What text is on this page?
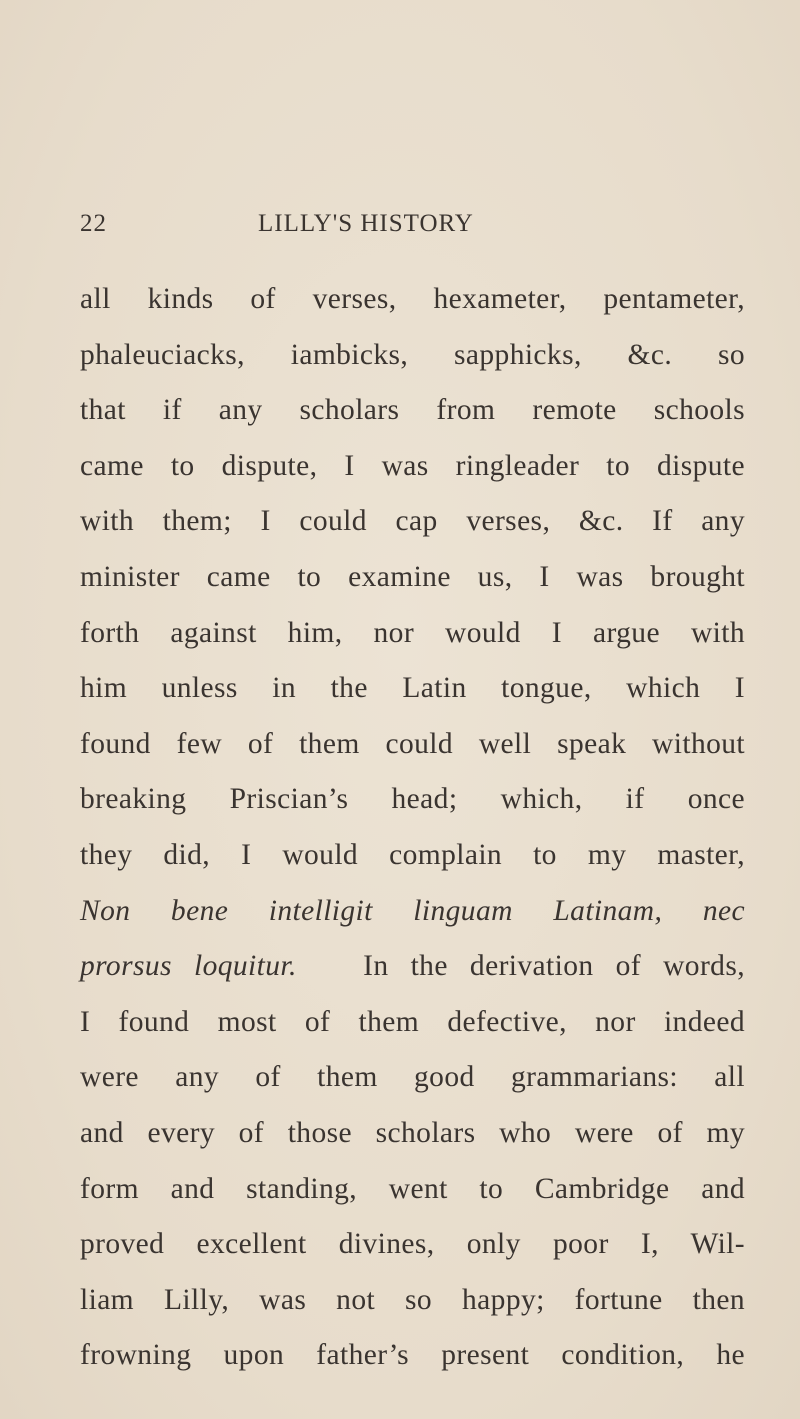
22	LILLY'S HISTORY
all kinds of verses, hexameter, pentameter,
phaleuciacks, iambicks, sapphicks, &c. so
that if any scholars from remote schools
came to dispute, I was ringleader to dispute
with them; I could cap verses, &c. If any
minister came to examine us, I was brought
forth against him, nor would I argue with
him unless in the Latin tongue, which I
found few of them could well speak without
breaking Priscian’s head; which, if once
they did, I would complain to my master,
Non bene intelligit linguam Latinam, nec
prorsus loquitur. In the derivation of words,
I found most of them defective, nor indeed
were any of them good grammarians: all
and every of those scholars who were of my
form and standing, went to Cambridge and
proved excellent divines, only poor I, Wil-
liam Lilly, was not so happy; fortune then
frowning upon father’s present condition, he
